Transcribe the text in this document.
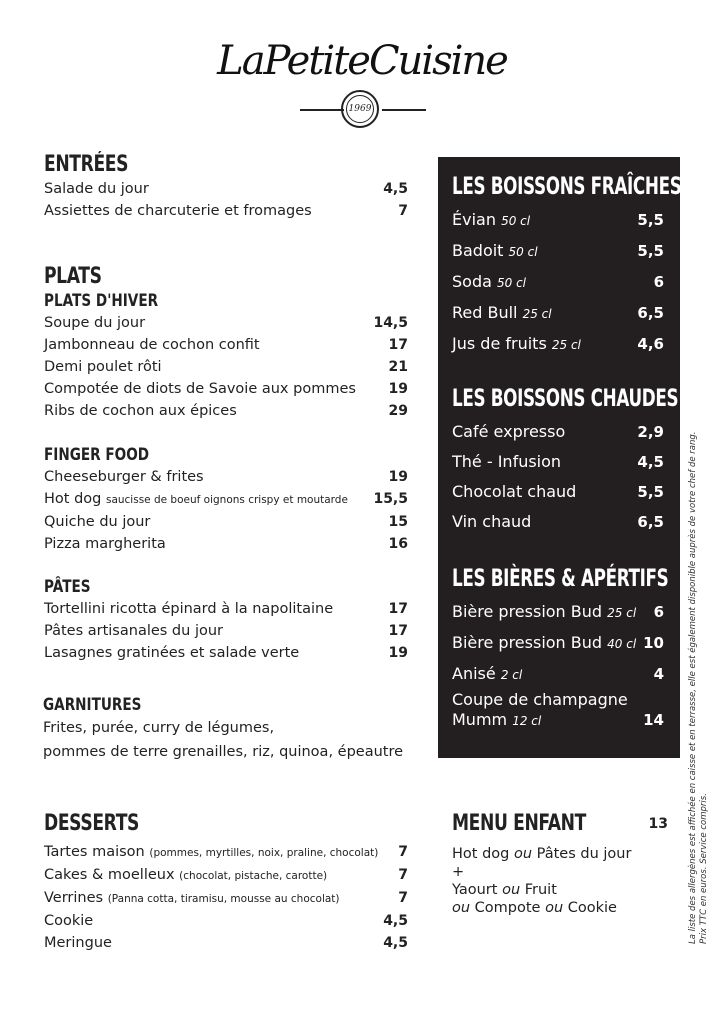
LaPetiteCuisine
1969
ENTRÉES
Salade du jour	4,5
Assiettes de charcuterie et fromages	7
PLATS
PLATS D'HIVER
Soupe du jour	14,5
Jambonneau de cochon confit	17
Demi poulet rôti	21
Compotée de diots de Savoie aux pommes 19
Ribs de cochon aux épices	29
FINGER FOOD
Cheeseburger & frites	19
Hot dog saucisse de boeuf oignons crispy et moutarde 15,5
Quiche du jour	15
Pizza margherita	16
PÂTES
Tortellini ricotta épinard à la napolitaine	17
Pâtes artisanales du jour	17
Lasagnes gratinées et salade verte	19
GARNITURES
Frites, purée, curry de légumes,
pommes de terre grenailles, riz, quinoa, épeautre
DESSERTS
Tartes maison (pommes, myrtilles, noix, praline, chocolat) 7
Cakes & moelleux (chocolat, pistache, carotte)	7
Verrines (Panna cotta, tiramisu, mousse au chocolat)	7
Cookie	4,5
Meringue	4,5
LES BOISSONS FRAÎCHES
Évian 50 cl	5,5
Badoit 50 cl	5,5
Soda 50 cl	6
Red Bull 25 cl	6,5
Jus de fruits 25 cl	4,6
LES BOISSONS CHAUDES
Café expresso	2,9
Thé - Infusion	4,5
Chocolat chaud	5,5
Vin chaud	6,5
LES BIÈRES & APÉRTIFS
Bière pression Bud 25 cl 6
Bière pression Bud 40 cl 10
Anisé 2 cl	4
Coupe de champagne
Mumm 12 cl	14
MENU ENFANT	13
Hot dog ou Pâtes du jour
+
Yaourt ou Fruit
ou Compote ou Cookie	La liste des allergènes est affichée en caisse et en terrasse, elle est également disponible auprès de votre chef de rang. Prix TTC en euros. Service compris.
